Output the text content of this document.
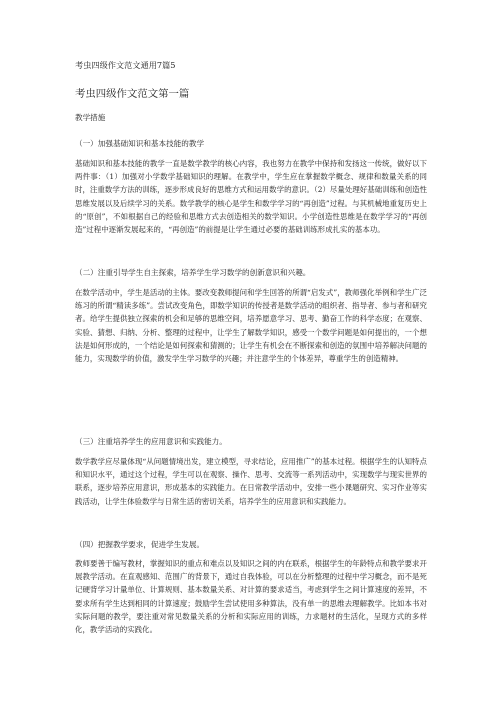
考虫四级作文范文通用7篇5
考虫四级作文范文第一篇
教学措施
（一）加强基础知识和基本技能的教学
基础知识和基本技能的教学一直是数学教学的核心内容，我也努力在教学中保持和发扬这一传统，做好以下两件事：（1）加强对小学数学基础知识的理解。在教学中，学生应在掌握数学概念、规律和数量关系的同时，注重数学方法的训练，逐步形成良好的思维方式和运用数学的意识。（2）尽量处理好基础训练和创造性思维发展以及后续学习的关系。数学教学的核心是学生和数学学习的“再创造”过程。与其机械地重复历史上的“原创”，不如根据自己的经验和思维方式去创造相关的数学知识。小学创造性思维是在数学学习的“再创造”过程中逐渐发展起来的，“再创造”的前提是让学生通过必要的基础训练形成扎实的基本功。
（二）注重引导学生自主探索，培养学生学习数学的创新意识和兴趣。
在数学活动中，学生是活动的主体。要改变教师提问和学生回答的所谓“启发式”，教师强化举例和学生广泛练习的所谓“精读多练”。尝试改变角色，即数学知识的传授者是数学活动的组织者、指导者、参与者和研究者。给学生提供独立探索的机会和足够的思维空间，培养愿意学习、思考、勤奋工作的科学态度；在观察、实验、猜想、归纳、分析、整理的过程中，让学生了解数学知识，感受一个数学问题是如何提出的，一个想法是如何形成的，一个结论是如何探索和猜测的；让学生有机会在不断探索和创造的氛围中培养解决问题的能力，实现数学的价值，激发学生学习数学的兴趣；并注意学生的个体差异，尊重学生的创造精神。
（三）注重培养学生的应用意识和实践能力。
数学教学应尽量体现“从问题情境出发，建立模型，寻求结论，应用推广”的基本过程。根据学生的认知特点和知识水平，通过这个过程，学生可以在观察、操作、思考、交流等一系列活动中，实现数学与现实世界的联系，逐步培养应用意识，形成基本的实践能力。在日常教学活动中，安排一些小课题研究、实习作业等实践活动，让学生体验数学与日常生活的密切关系，培养学生的应用意识和实践能力。
（四）把握教学要求，促进学生发展。
教师要善于编写教材，掌握知识的重点和难点以及知识之间的内在联系，根据学生的年龄特点和教学要求开展教学活动。在直观感知、范围广的背景下，通过自我体验，可以在分析整理的过程中学习概念，而不是死记硬背学习计量单位、计算规则、基本数量关系、对计算的要求适当，考虑到学生之间计算速度的差异，不要求所有学生达到相同的计算速度；鼓励学生尝试使用多种算法，没有单一的思维去理解教学。比如本书对实际问题的教学，要注重对常见数量关系的分析和实际应用的训练，力求题材的生活化，呈现方式的多样化，教学活动的实践化。
